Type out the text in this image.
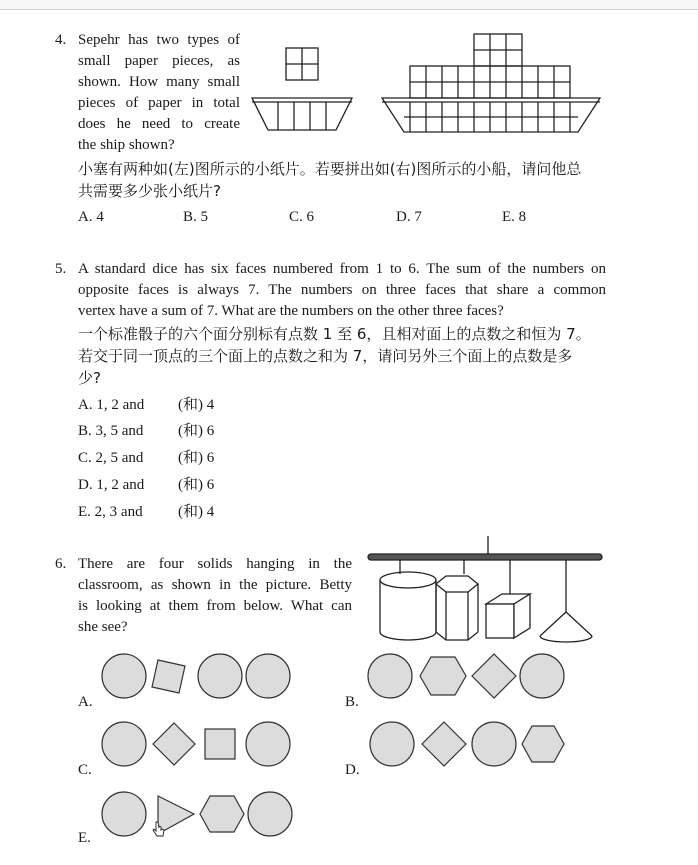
4. Sepehr has two types of
small paper pieces, as
shown. How many small
pieces of paper in total
does he need to create
the ship shown?
小塞有两种如(左)图所示的小纸片。若要拼出如(右)图所示的小船，请问他总
共需要多少张小纸片?
A. 4	B. 5	C. 6	D. 7	E. 8
5. A standard dice has six faces numbered from 1 to 6. The sum of the numbers on
opposite faces is always 7. The numbers on three faces that share a common
vertex have a sum of 7. What are the numbers on the other three faces?
一个标准骰子的六个面分别标有点数 1 至 6，且相对面上的点数之和恒为 7。
若交于同一顶点的三个面上的点数之和为 7，请问另外三个面上的点数是多
少?
A. 1, 2 and (和) 4
B. 3, 5 and (和) 6
C. 2, 5 and (和) 6
D. 1, 2 and (和) 6
E. 2, 3 and (和) 4
6. There are four solids hanging in the
classroom, as shown in the picture. Betty
is looking at them from below. What can
she see?
A.	B.
C.	D.
E.
